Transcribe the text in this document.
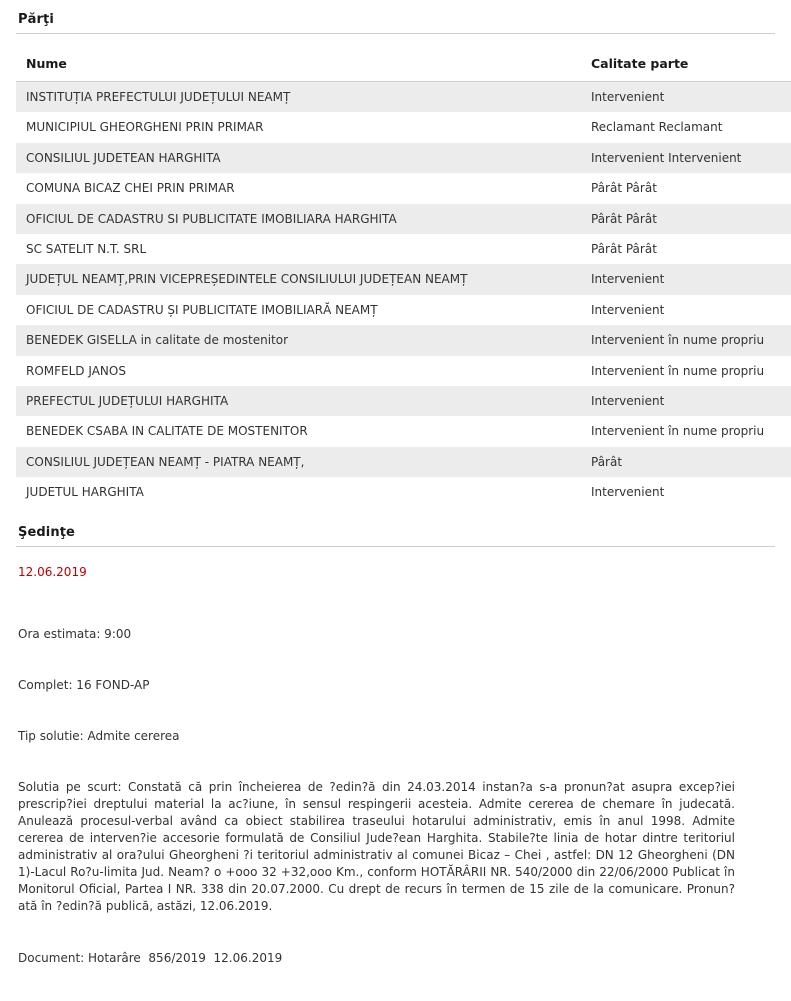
Părţi
Nume	Calitate parte
INSTITUȚIA PREFECTULUI JUDEȚULUI NEAMȚ	Intervenient
MUNICIPIUL GHEORGHENI PRIN PRIMAR	Reclamant Reclamant
CONSILIUL JUDETEAN HARGHITA	Intervenient Intervenient
COMUNA BICAZ CHEI PRIN PRIMAR	Pârât Pârât
OFICIUL DE CADASTRU SI PUBLICITATE IMOBILIARA HARGHITA	Pârât Pârât
SC SATELIT N.T. SRL	Pârât Pârât
JUDEȚUL NEAMȚ,PRIN VICEPREȘEDINTELE CONSILIULUI JUDEȚEAN NEAMȚ	Intervenient
OFICIUL DE CADASTRU ȘI PUBLICITATE IMOBILIARĂ NEAMȚ	Intervenient
BENEDEK GISELLA in calitate de mostenitor	Intervenient în nume propriu
ROMFELD JANOS	Intervenient în nume propriu
PREFECTUL JUDEȚULUI HARGHITA	Intervenient
BENEDEK CSABA IN CALITATE DE MOSTENITOR	Intervenient în nume propriu
CONSILIUL JUDEȚEAN NEAMȚ - PIATRA NEAMȚ,	Pârât
JUDETUL HARGHITA	Intervenient
Şedinţe
12.06.2019

Ora estimata: 9:00

Complet: 16 FOND-AP

Tip solutie: Admite cererea

Solutia pe scurt: Constată că prin încheierea de ?edin?ă din 24.03.2014 instan?a s-a pronun?at asupra excep?iei prescrip?iei dreptului material la ac?iune, în sensul respingerii acesteia. Admite cererea de chemare în judecată. Anulează procesul-verbal având ca obiect stabilirea traseului hotarului administrativ, emis în anul 1998. Admite cererea de interven?ie accesorie formulată de Consiliul Jude?ean Harghita. Stabile?te linia de hotar dintre teritoriul administrativ al ora?ului Gheorgheni ?i teritoriul administrativ al comunei Bicaz – Chei , astfel: DN 12 Gheorgheni (DN 1)-Lacul Ro?u-limita Jud. Neam? o +ooo 32 +32,ooo Km., conform HOTĂRÂRII NR. 540/2000 din 22/06/2000 Publicat în Monitorul Oficial, Partea I NR. 338 din 20.07.2000. Cu drept de recurs în termen de 15 zile de la comunicare. Pronun?ată în ?edin?ă publică, astăzi, 12.06.2019.

Document: Hotarâre  856/2019  12.06.2019
